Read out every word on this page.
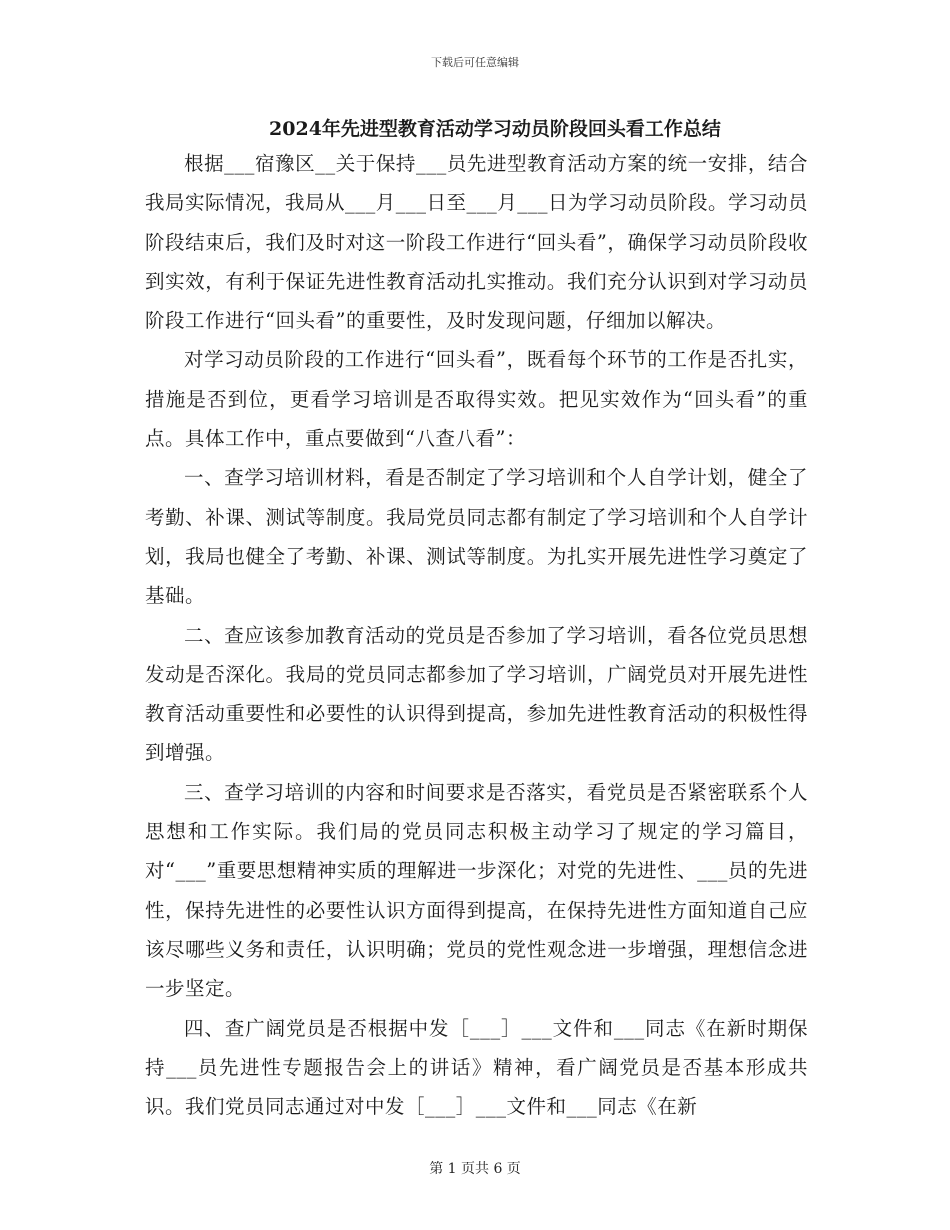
下载后可任意编辑
2024年先进型教育活动学习动员阶段回头看工作总结

根据___宿豫区__关于保持___员先进型教育活动方案的统一安排，结合我局实际情况，我局从___月___日至___月___日为学习动员阶段。学习动员阶段结束后，我们及时对这一阶段工作进行“回头看”，确保学习动员阶段收到实效，有利于保证先进性教育活动扎实推动。我们充分认识到对学习动员阶段工作进行“回头看”的重要性，及时发现问题，仔细加以解决。

对学习动员阶段的工作进行“回头看”，既看每个环节的工作是否扎实，措施是否到位，更看学习培训是否取得实效。把见实效作为“回头看”的重点。具体工作中，重点要做到“八查八看”：

一、查学习培训材料，看是否制定了学习培训和个人自学计划，健全了考勤、补课、测试等制度。我局党员同志都有制定了学习培训和个人自学计划，我局也健全了考勤、补课、测试等制度。为扎实开展先进性学习奠定了基础。

二、查应该参加教育活动的党员是否参加了学习培训，看各位党员思想发动是否深化。我局的党员同志都参加了学习培训，广阔党员对开展先进性教育活动重要性和必要性的认识得到提高，参加先进性教育活动的积极性得到增强。

三、查学习培训的内容和时间要求是否落实，看党员是否紧密联系个人思想和工作实际。我们局的党员同志积极主动学习了规定的学习篇目，对“___”重要思想精神实质的理解进一步深化；对党的先进性、___员的先进性，保持先进性的必要性认识方面得到提高，在保持先进性方面知道自己应该尽哪些义务和责任，认识明确；党员的党性观念进一步增强，理想信念进一步坚定。

四、查广阔党员是否根据中发［___］___文件和___同志《在新时期保持___员先进性专题报告会上的讲话》精神，看广阔党员是否基本形成共识。我们党员同志通过对中发［___］___文件和___同志《在新

第 1 页共 6 页
